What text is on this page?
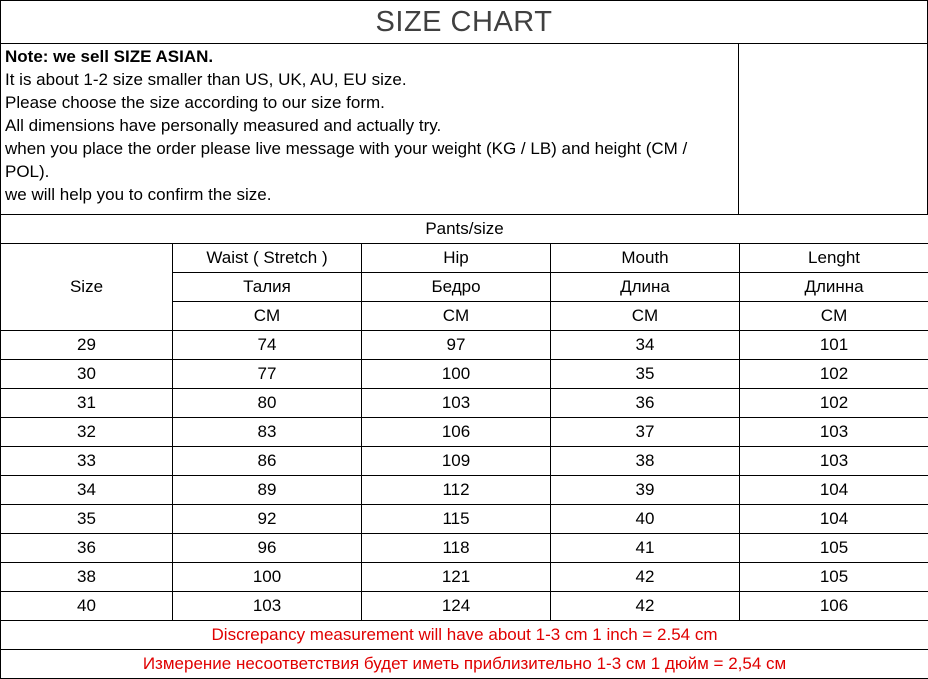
SIZE CHART
Note: we sell SIZE ASIAN.
It is about 1-2 size smaller than US, UK, AU, EU size.
Please choose the size according to our size form.
All dimensions have personally measured and actually try.
when you place the order please live message with your weight (KG / LB) and height (CM /
POL).
we will help you to confirm the size.
Pants/size				
Size	Waist ( Stretch )	Hip	Mouth	Lenght
	Талия	Бедро	Длина	Длинна
	CM	CM	CM	CM
29	74	97	34	101
30	77	100	35	102
31	80	103	36	102
32	83	106	37	103
33	86	109	38	103
34	89	112	39	104
35	92	115	40	104
36	96	118	41	105
38	100	121	42	105
40	103	124	42	106
Discrepancy measurement will have about 1-3 cm 1 inch = 2.54 cm				
Измерение несоответствия будет иметь приблизительно 1-3 см 1 дюйм = 2,54 см				
